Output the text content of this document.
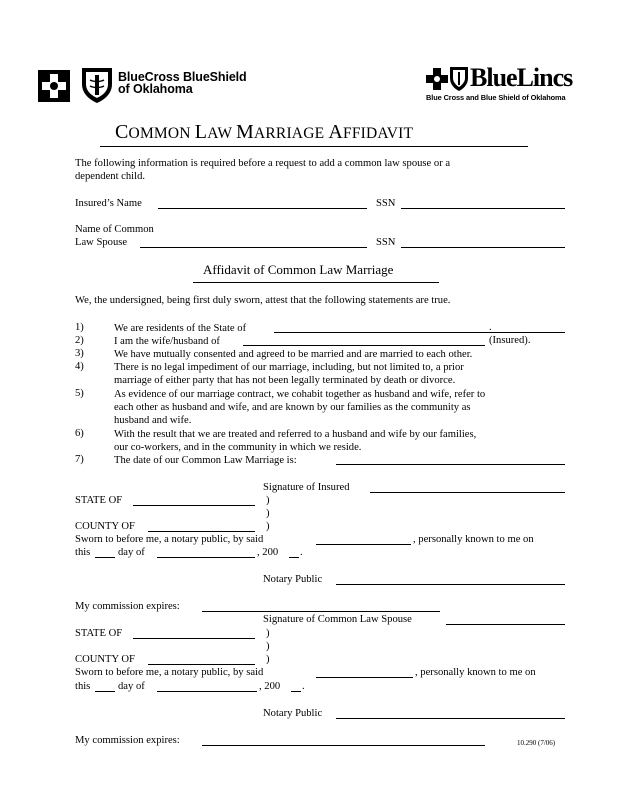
BlueCross BlueShield
of Oklahoma	BlueLincs
Blue Cross and Blue Shield of Oklahoma
COMMON LAW MARRIAGE AFFIDAVIT
The following information is required before a request to add a common law spouse or a
dependent child.
Insured’s Name	SSN
Name of Common
Law Spouse	SSN
Affidavit of Common Law Marriage
We, the undersigned, being first duly sworn, attest that the following statements are true.
1)	We are residents of the State of	.
2)	I am the wife/husband of	(Insured).
3)	We have mutually consented and agreed to be married and are married to each other.
4)	There is no legal impediment of our marriage, including, but not limited to, a prior
marriage of either party that has not been legally terminated by death or divorce.
5)	As evidence of our marriage contract, we cohabit together as husband and wife, refer to
each other as husband and wife, and are known by our families as the community as
husband and wife.
6)	With the result that we are treated and referred to a husband and wife by our families,
our co-workers, and in the community in which we reside.
7)	The date of our Common Law Marriage is:
Signature of Insured
STATE OF	)
)
COUNTY OF	)
Sworn to before me, a notary public, by said	, personally known to me on
this	day of	, 200 .
Notary Public
My commission expires:
Signature of Common Law Spouse
STATE OF	)
)
COUNTY OF	)
Sworn to before me, a notary public, by said	, personally known to me on
this	day of	, 200 .
Notary Public
My commission expires:	10.290 (7/06)
